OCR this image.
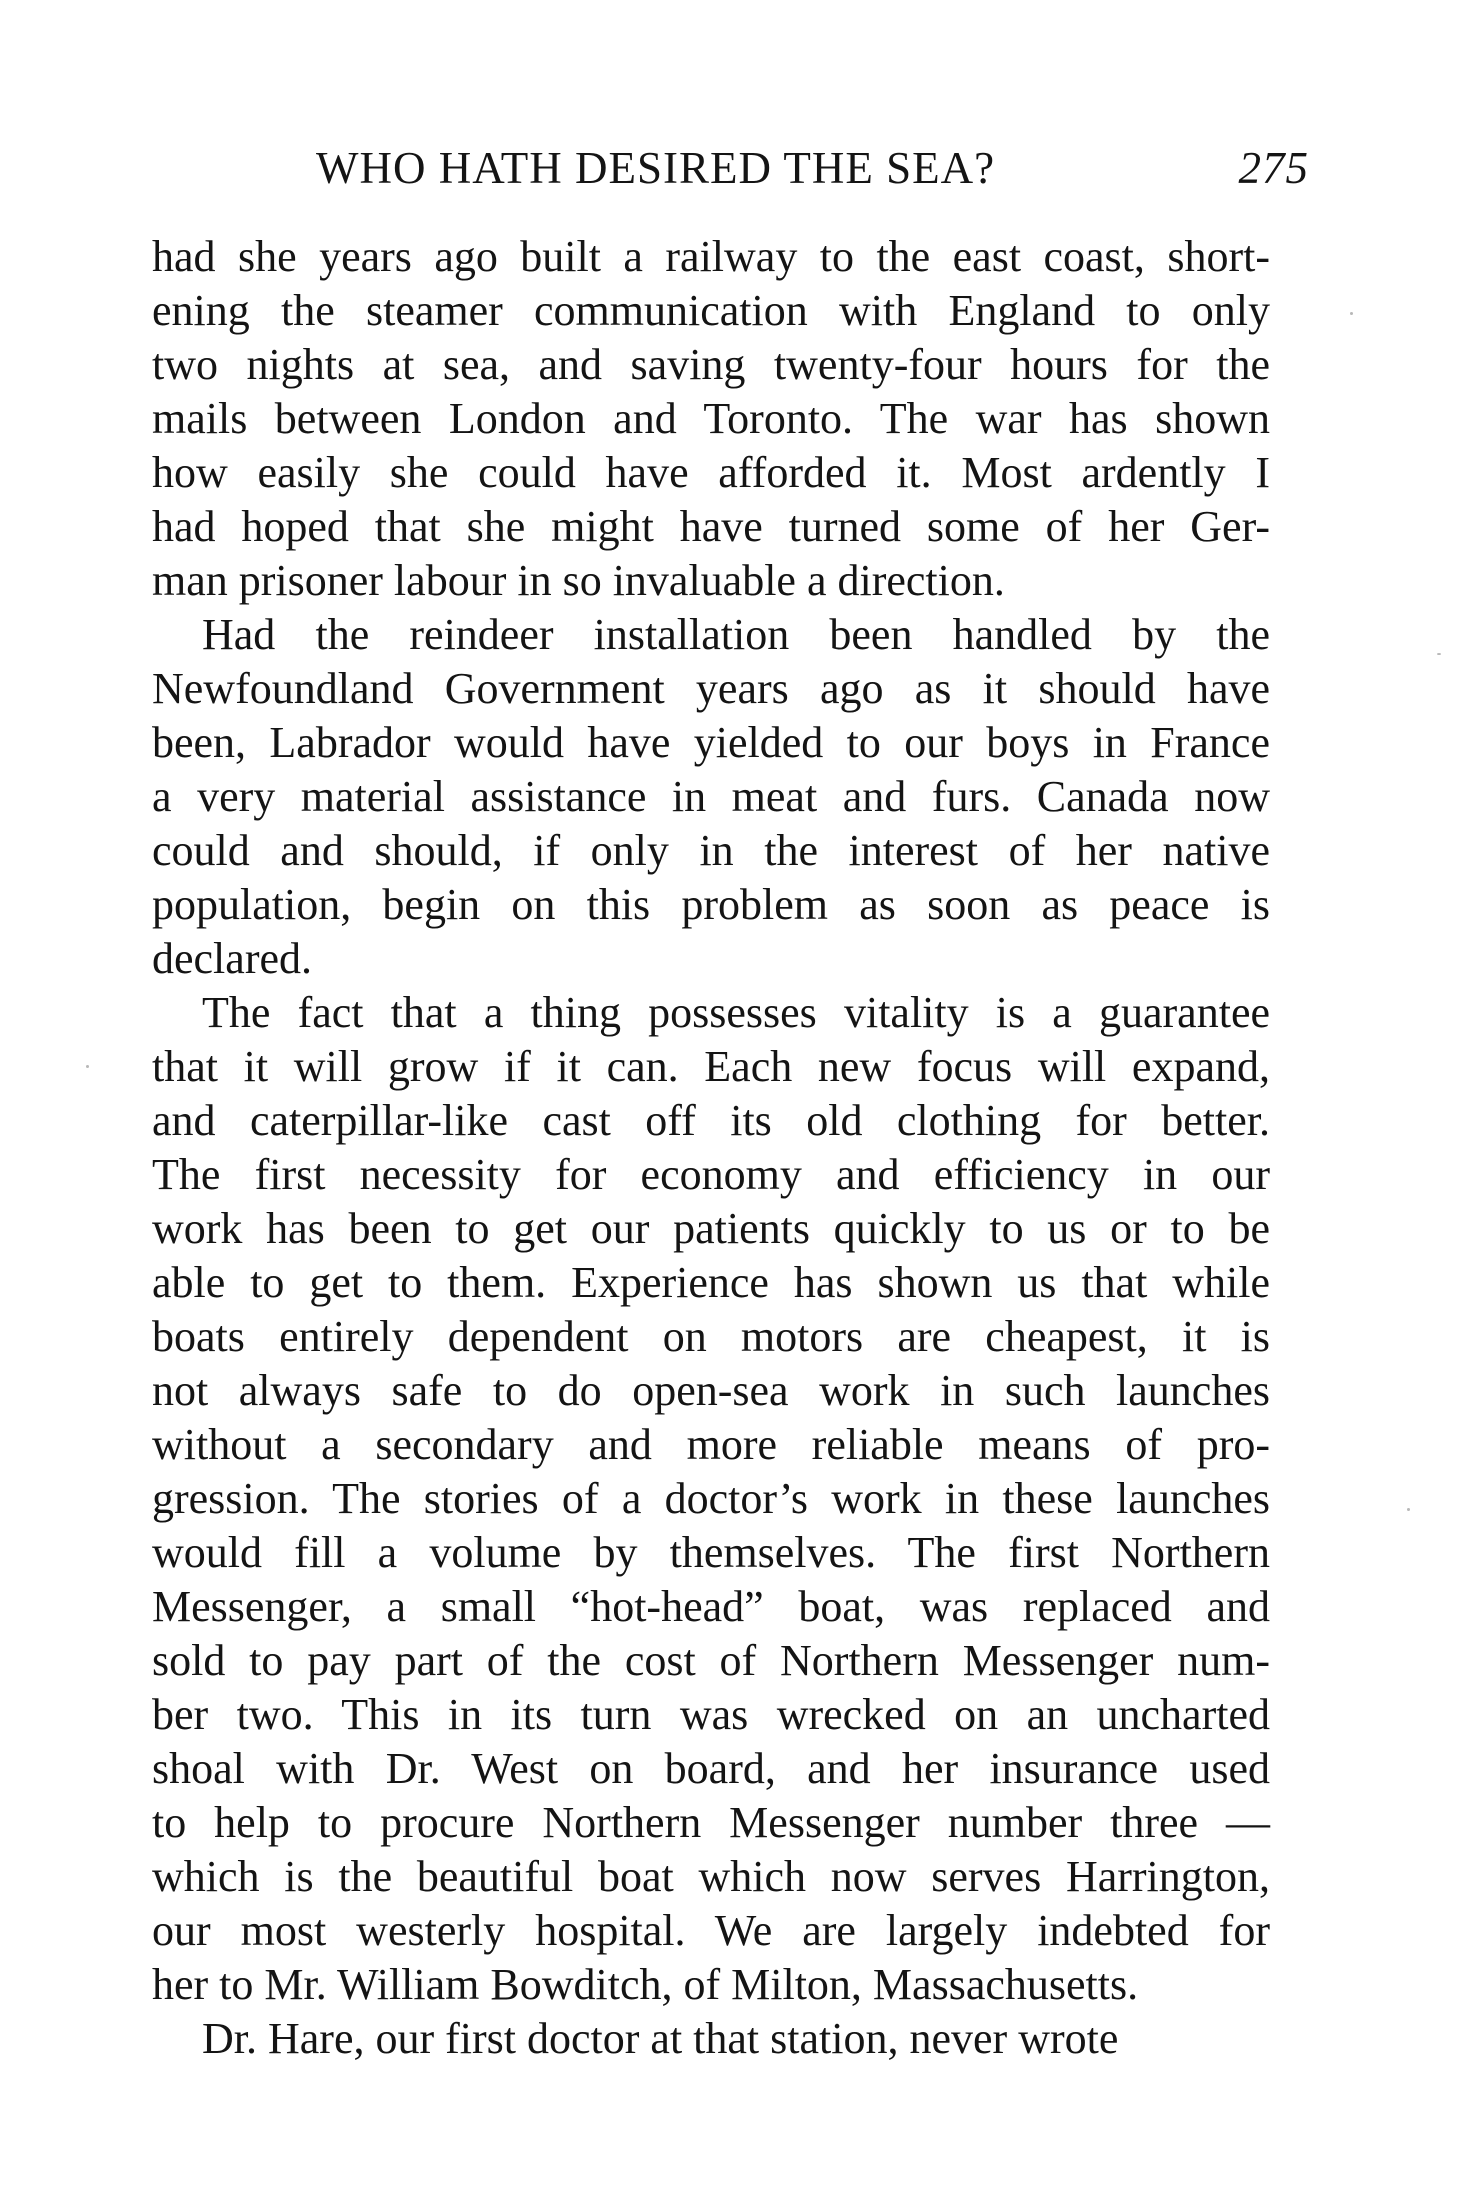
WHO HATH DESIRED THE SEA?	275
had she years ago built a railway to the east coast, short-
ening the steamer communication with England to only
two nights at sea, and saving twenty-four hours for the
mails between London and Toronto. The war has shown
how easily she could have afforded it. Most ardently I
had hoped that she might have turned some of her Ger-
man prisoner labour in so invaluable a direction.
Had the reindeer installation been handled by the
Newfoundland Government years ago as it should have
been, Labrador would have yielded to our boys in France
a very material assistance in meat and furs. Canada now
could and should, if only in the interest of her native
population, begin on this problem as soon as peace is
declared.
The fact that a thing possesses vitality is a guarantee
that it will grow if it can. Each new focus will expand,
and caterpillar-like cast off its old clothing for better.
The first necessity for economy and efficiency in our
work has been to get our patients quickly to us or to be
able to get to them. Experience has shown us that while
boats entirely dependent on motors are cheapest, it is
not always safe to do open-sea work in such launches
without a secondary and more reliable means of pro-
gression. The stories of a doctor’s work in these launches
would fill a volume by themselves. The first Northern
Messenger, a small “hot-head” boat, was replaced and
sold to pay part of the cost of Northern Messenger num-
ber two. This in its turn was wrecked on an uncharted
shoal with Dr. West on board, and her insurance used
to help to procure Northern Messenger number three —
which is the beautiful boat which now serves Harrington,
our most westerly hospital. We are largely indebted for
her to Mr. William Bowditch, of Milton, Massachusetts.
Dr. Hare, our first doctor at that station, never wrote
